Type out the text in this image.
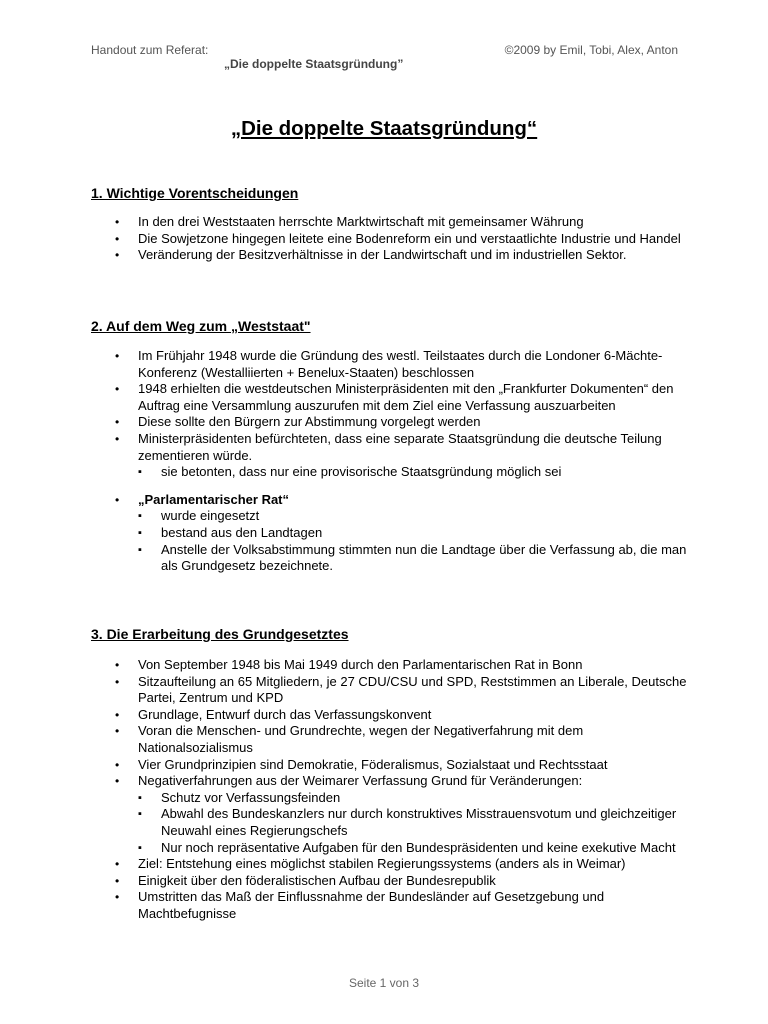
Handout zum Referat:	©2009 by Emil, Tobi, Alex, Anton
„Die doppelte Staatsgründung”
„Die doppelte Staatsgründung“
1. Wichtige Vorentscheidungen
• In den drei Weststaaten herrschte Marktwirtschaft mit gemeinsamer Währung
• Die Sowjetzone hingegen leitete eine Bodenreform ein und verstaatlichte Industrie und Handel
• Veränderung der Besitzverhältnisse in der Landwirtschaft und im industriellen Sektor.
2. Auf dem Weg zum „Weststaat"
• Im Frühjahr 1948 wurde die Gründung des westl. Teilstaates durch die Londoner 6-Mächte-Konferenz (Westalliierten + Benelux-Staaten) beschlossen
• 1948 erhielten die westdeutschen Ministerpräsidenten mit den „Frankfurter Dokumenten“ den Auftrag eine Versammlung auszurufen mit dem Ziel eine Verfassung auszuarbeiten
• Diese sollte den Bürgern zur Abstimmung vorgelegt werden
• Ministerpräsidenten befürchteten, dass eine separate Staatsgründung die deutsche Teilung zementieren würde.
▪ sie betonten, dass nur eine provisorische Staatsgründung möglich sei
• „Parlamentarischer Rat“
▪ wurde eingesetzt
▪ bestand aus den Landtagen
▪ Anstelle der Volksabstimmung stimmten nun die Landtage über die Verfassung ab, die man als Grundgesetz bezeichnete.
3. Die Erarbeitung des Grundgesetztes
• Von September 1948 bis Mai 1949 durch den Parlamentarischen Rat in Bonn
• Sitzaufteilung an 65 Mitgliedern, je 27 CDU/CSU und SPD, Reststimmen an Liberale, Deutsche Partei, Zentrum und KPD
• Grundlage, Entwurf durch das Verfassungskonvent
• Voran die Menschen- und Grundrechte, wegen der Negativerfahrung mit dem Nationalsozialismus
• Vier Grundprinzipien sind Demokratie, Föderalismus, Sozialstaat und Rechtsstaat
• Negativerfahrungen aus der Weimarer Verfassung Grund für Veränderungen:
▪ Schutz vor Verfassungsfeinden
▪ Abwahl des Bundeskanzlers nur durch konstruktives Misstrauensvotum und gleichzeitiger Neuwahl eines Regierungschefs
▪ Nur noch repräsentative Aufgaben für den Bundespräsidenten und keine exekutive Macht
• Ziel: Entstehung eines möglichst stabilen Regierungssystems (anders als in Weimar)
• Einigkeit über den föderalistischen Aufbau der Bundesrepublik
• Umstritten das Maß der Einflussnahme der Bundesländer auf Gesetzgebung und Machtbefugnisse
Seite 1 von 3
